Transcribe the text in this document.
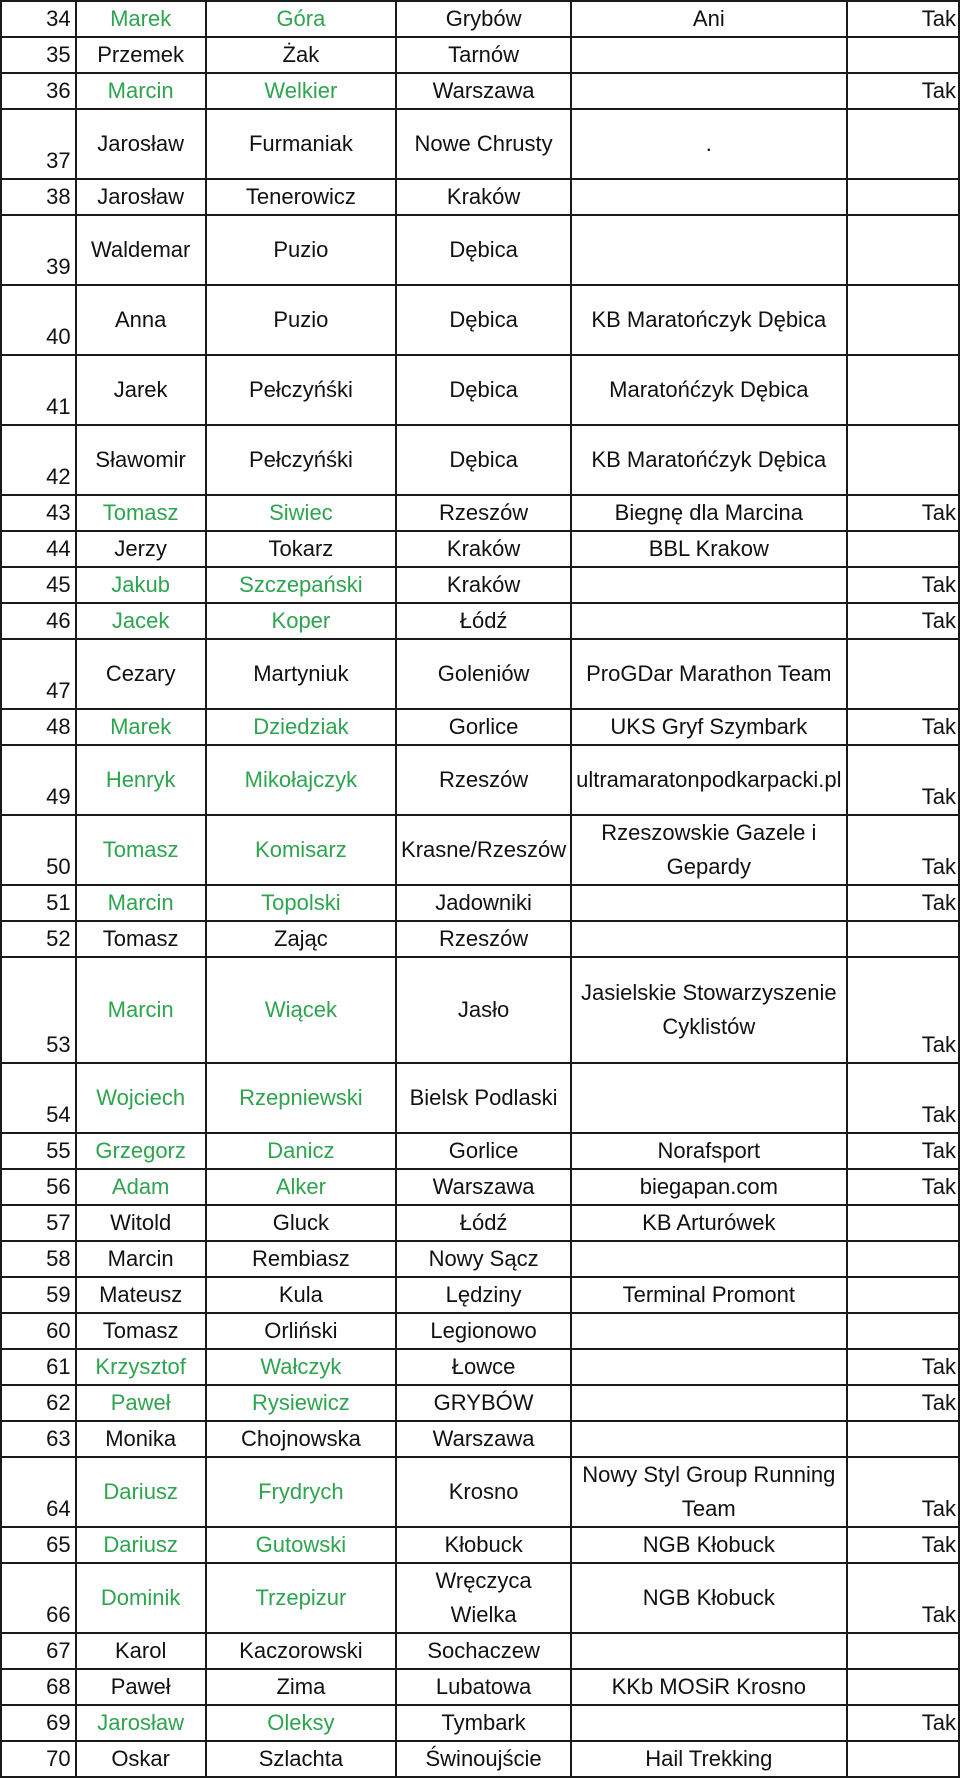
34	Marek	Góra	Grybów	Ani	Tak
35	Przemek	Żak	Tarnów		
36	Marcin	Welkier	Warszawa		Tak
37	Jarosław	Furmaniak	Nowe Chrusty	.	
38	Jarosław	Tenerowicz	Kraków		
39	Waldemar	Puzio	Dębica		
40	Anna	Puzio	Dębica	KB Maratończyk Dębica	
41	Jarek	Pełczyńśki	Dębica	Maratońćzyk Dębica	
42	Sławomir	Pełczyńśki	Dębica	KB Maratońćzyk Dębica	
43	Tomasz	Siwiec	Rzeszów	Biegnę dla Marcina	Tak
44	Jerzy	Tokarz	Kraków	BBL Krakow	
45	Jakub	Szczepański	Kraków		Tak
46	Jacek	Koper	Łódź		Tak
47	Cezary	Martyniuk	Goleniów	ProGDar Marathon Team	
48	Marek	Dziedziak	Gorlice	UKS Gryf Szymbark	Tak
49	Henryk	Mikołajczyk	Rzeszów	ultramaratonpodkarpacki.pl	Tak
50	Tomasz	Komisarz	Krasne/Rzeszów	Rzeszowskie Gazele i Gepardy	Tak
51	Marcin	Topolski	Jadowniki		Tak
52	Tomasz	Zając	Rzeszów		
53	Marcin	Wiącek	Jasło	Jasielskie Stowarzyszenie Cyklistów	Tak
54	Wojciech	Rzepniewski	Bielsk Podlaski		Tak
55	Grzegorz	Danicz	Gorlice	Norafsport	Tak
56	Adam	Alker	Warszawa	biegapan.com	Tak
57	Witold	Gluck	Łódź	KB Arturówek	
58	Marcin	Rembiasz	Nowy Sącz		
59	Mateusz	Kula	Lędziny	Terminal Promont	
60	Tomasz	Orliński	Legionowo		
61	Krzysztof	Wałczyk	Łowce		Tak
62	Paweł	Rysiewicz	GRYBÓW		Tak
63	Monika	Chojnowska	Warszawa		
64	Dariusz	Frydrych	Krosno	Nowy Styl Group Running Team	Tak
65	Dariusz	Gutowski	Kłobuck	NGB Kłobuck	Tak
66	Dominik	Trzepizur	Wręczyca Wielka	NGB Kłobuck	Tak
67	Karol	Kaczorowski	Sochaczew		
68	Paweł	Zima	Lubatowa	KKb MOSiR Krosno	
69	Jarosław	Oleksy	Tymbark		Tak
70	Oskar	Szlachta	Świnoujście	Hail Trekking	
